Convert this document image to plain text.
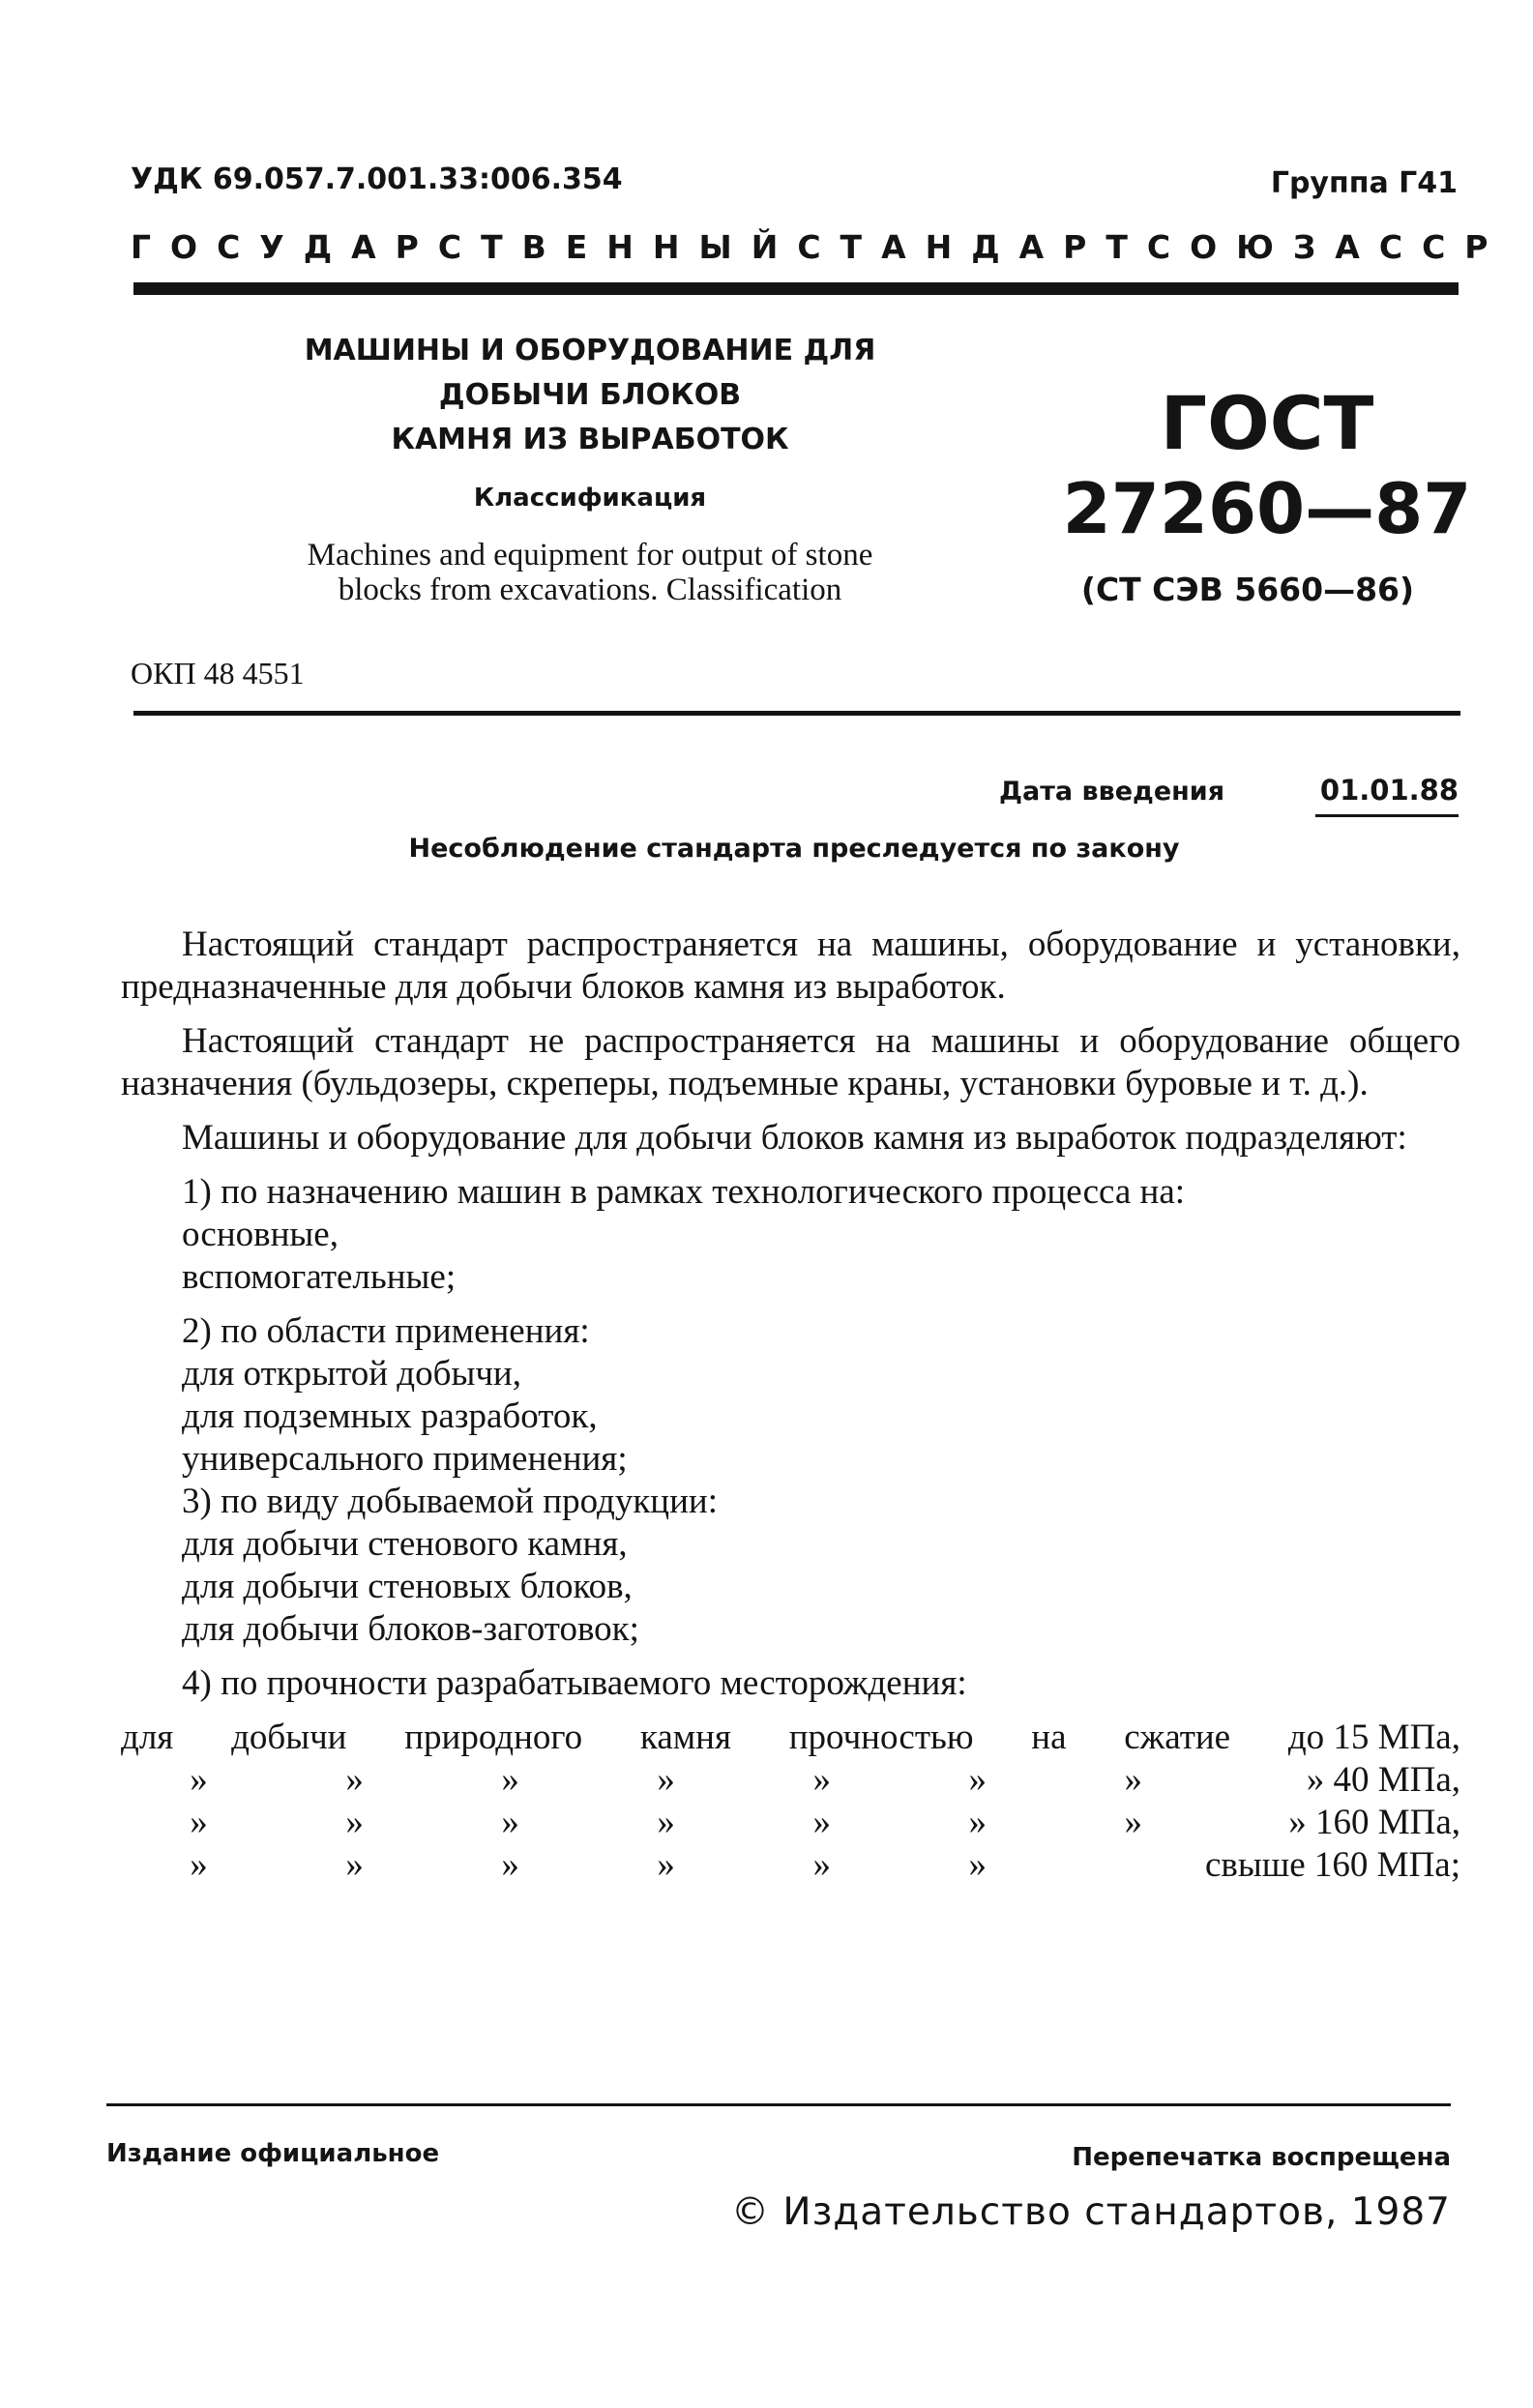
УДК 69.057.7.001.33:006.354	Группа Г41
ГОСУДАРСТВЕННЫЙ СТАНДАРТ СОЮЗА ССР
МАШИНЫ И ОБОРУДОВАНИЕ ДЛЯ
ДОБЫЧИ БЛОКОВ
КАМНЯ ИЗ ВЫРАБОТОК
Классификация
Machines and equipment for output of stone
blocks from excavations. Classification
ГОСТ
27260—87
(СТ СЭВ 5660—86)
ОКП 48 4551
Дата введения	01.01.88
Несоблюдение стандарта преследуется по закону

Настоящий стандарт распространяется на машины, оборудование и установки, предназначенные для добычи блоков камня из выработок.

Настоящий стандарт не распространяется на машины и оборудование общего назначения (бульдозеры, скреперы, подъемные краны, установки буровые и т. д.).

Машины и оборудование для добычи блоков камня из выработок подразделяют:

1) по назначению машин в рамках технологического процесса на:

основные,

вспомогательные;

2) по области применения:

для открытой добычи,

для подземных разработок,

универсального применения;

3) по виду добываемой продукции:

для добычи стенового камня,

для добычи стеновых блоков,

для добычи блоков-заготовок;

4) по прочности разрабатываемого месторождения:

для добычи природного камня прочностью на сжатие до 15 МПа,
»	»	»	»	»	»	»	» 40 МПа,
»	»	»	»	»	»	»	» 160 МПа,
»	»	»	»	»	»	свыше 160 МПа;
Издание официальное	Перепечатка воспрещена
© Издательство стандартов, 1987
